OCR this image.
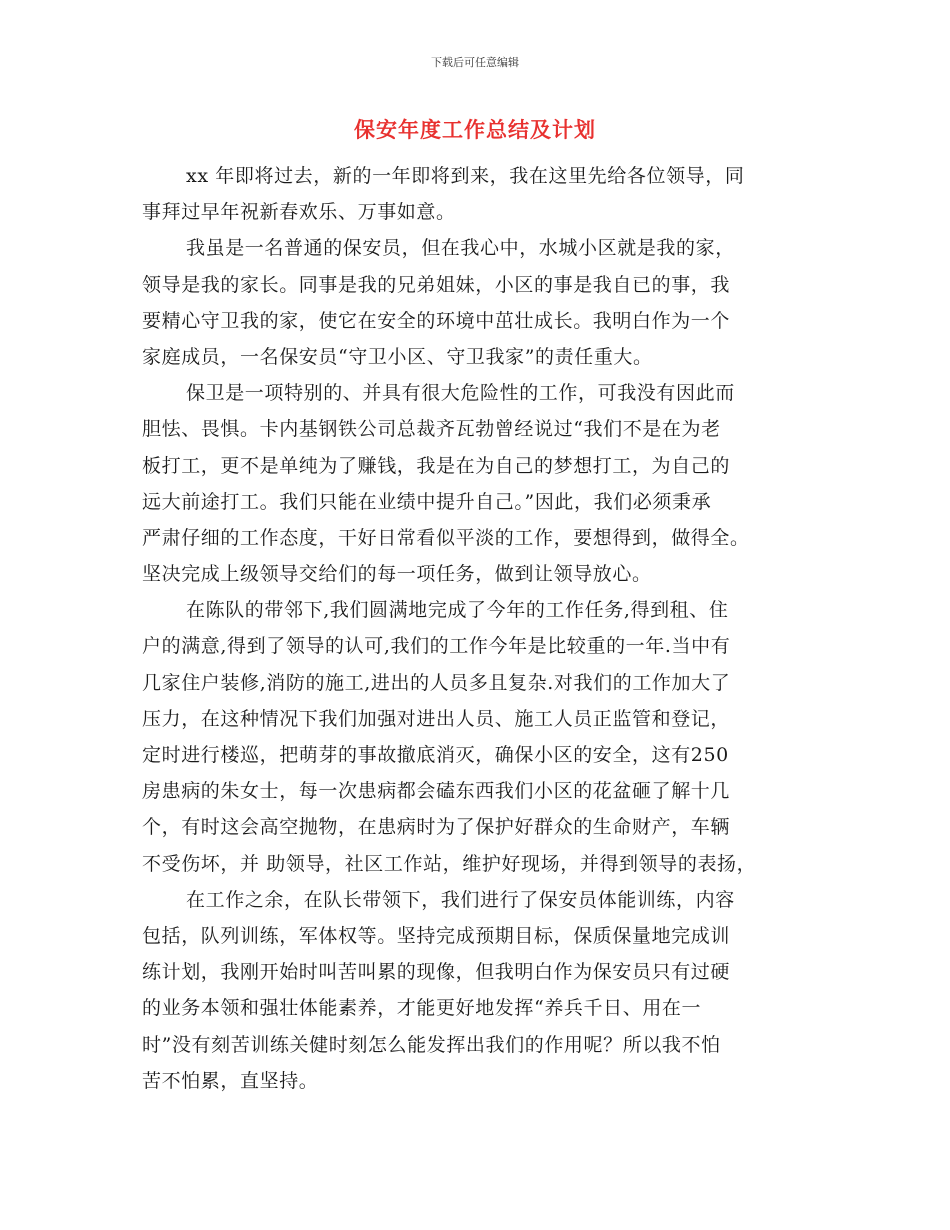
下载后可任意编辑
保安年度工作总结及计划
xx 年即将过去，新的一年即将到来，我在这里先给各位领导，同
事拜过早年祝新春欢乐、万事如意。
我虽是一名普通的保安员，但在我心中，水城小区就是我的家，
领导是我的家长。同事是我的兄弟姐妹，小区的事是我自已的事，我
要精心守卫我的家，使它在安全的环境中茁壮成长。我明白作为一个
家庭成员，一名保安员“守卫小区、守卫我家”的责任重大。
保卫是一项特别的、并具有很大危险性的工作，可我没有因此而
胆怯、畏惧。卡内基钢铁公司总裁齐瓦勃曾经说过“我们不是在为老
板打工，更不是单纯为了赚钱，我是在为自己的梦想打工，为自己的
远大前途打工。我们只能在业绩中提升自己。”因此，我们必须秉承
严肃仔细的工作态度，干好日常看似平淡的工作，要想得到，做得全。
坚决完成上级领导交给们的每一项任务，做到让领导放心。
在陈队的带邻下,我们圆满地完成了今年的工作任务,得到租、住
户的满意,得到了领导的认可,我们的工作今年是比较重的一年.当中有
几家住户装修,消防的施工,进出的人员多且复杂.对我们的工作加大了
压力，在这种情况下我们加强对进出人员、施工人员正监管和登记，
定时进行楼巡，把萌芽的事故撤底消灭，确保小区的安全，这有250
房患病的朱女士，每一次患病都会磕东西我们小区的花盆砸了解十几
个，有时这会高空抛物，在患病时为了保护好群众的生命财产，车辆
不受伤坏，并 助领导，社区工作站，维护好现场，并得到领导的表扬，
在工作之余，在队长带领下，我们进行了保安员体能训练，内容
包括，队列训练，军体权等。坚持完成预期目标，保质保量地完成训
练计划，我刚开始时叫苦叫累的现像，但我明白作为保安员只有过硬
的业务本领和强壮体能素养，才能更好地发挥“养兵千日、用在一
时”没有刻苦训练关健时刻怎么能发挥出我们的作用呢？所以我不怕
苦不怕累，直坚持。
